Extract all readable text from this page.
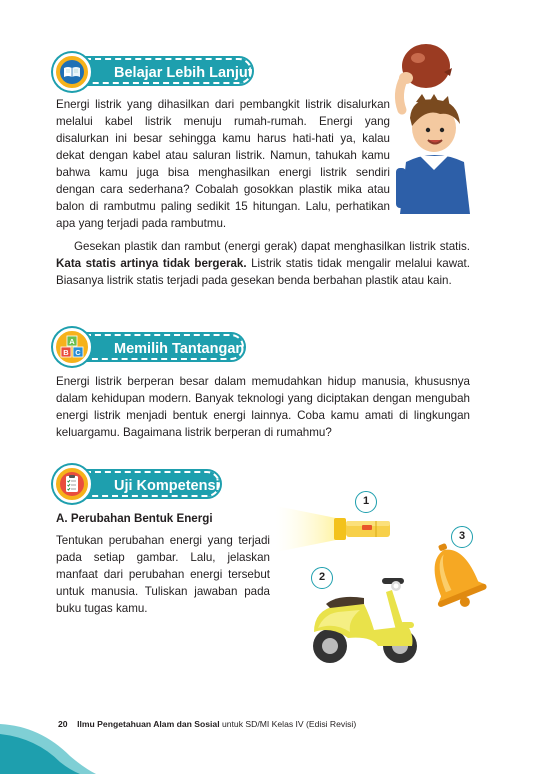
Belajar Lebih Lanjut

Energi listrik yang dihasilkan dari pembangkit listrik disalurkan melalui kabel listrik menuju rumah-rumah. Energi yang disalurkan ini besar sehingga kamu harus hati-hati ya, kalau dekat dengan kabel atau saluran listrik. Namun, tahukah kamu bahwa kamu juga bisa menghasilkan energi listrik sendiri dengan cara sederhana? Cobalah gosokkan plastik mika atau balon di rambutmu paling sedikit 15 hitungan. Lalu, perhatikan apa yang terjadi pada rambutmu.

Gesekan plastik dan rambut (energi gerak) dapat menghasilkan listrik statis. Kata statis artinya tidak bergerak. Listrik statis tidak mengalir melalui kawat. Biasanya listrik statis terjadi pada gesekan benda berbahan plastik atau kain.

A
B C	Memilih Tantangan

Energi listrik berperan besar dalam memudahkan hidup manusia, khususnya dalam kehidupan modern. Banyak teknologi yang diciptakan dengan mengubah energi listrik menjadi bentuk energi lainnya. Coba kamu amati di lingkungan keluargamu. Bagaimana listrik berperan di rumahmu?

Uji Kompetensi

A. Perubahan Bentuk Energi

Tentukan perubahan energi yang terjadi pada setiap gambar. Lalu, jelaskan manfaat dari perubahan energi tersebut untuk manusia. Tuliskan jawaban pada buku tugas kamu.

1
3
2
20 Ilmu Pengetahuan Alam dan Sosial untuk SD/MI Kelas IV (Edisi Revisi)
